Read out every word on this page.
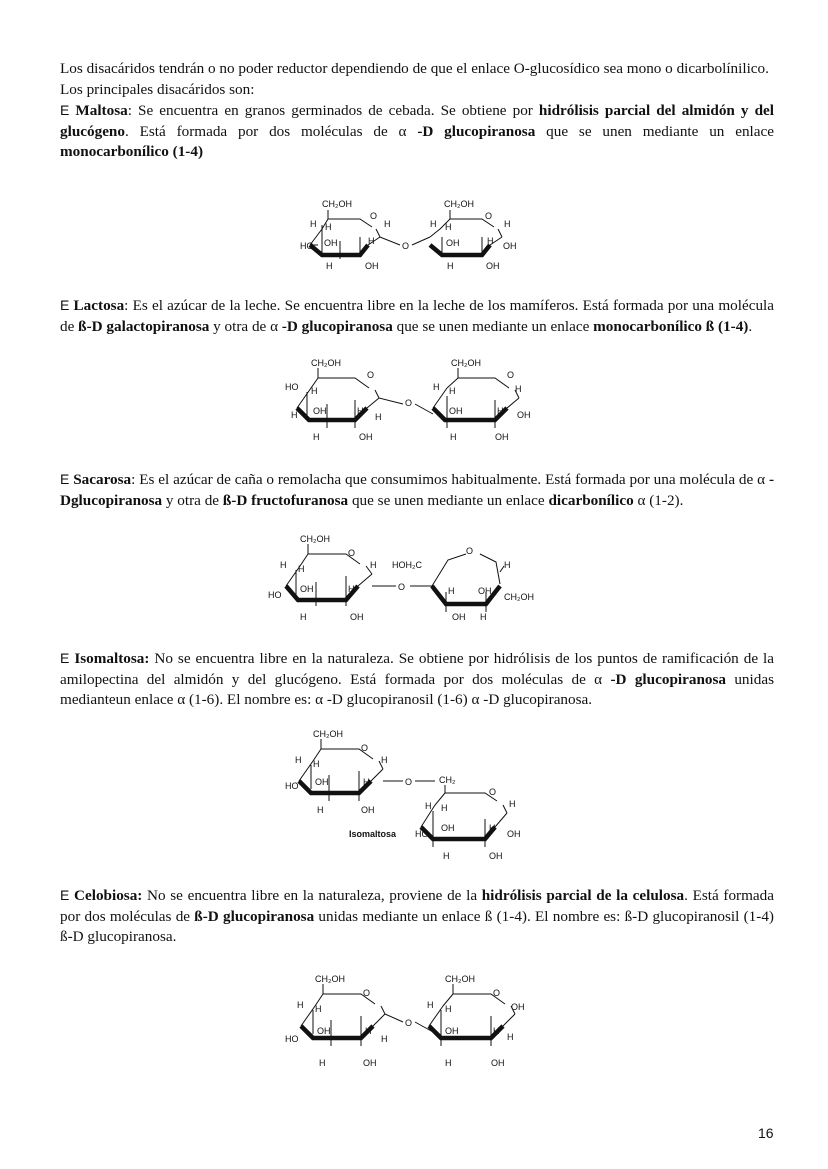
Los disacáridos tendrán o no poder reductor dependiendo de que el enlace O-glucosídico sea mono o dicarbolínilico.
Los principales disacáridos son:
E Maltosa: Se encuentra en granos germinados de cebada. Se obtiene por hidrólisis parcial del almidón y del glucógeno. Está formada por dos moléculas de α -D glucopiranosa que se unen mediante un enlace monocarbonílico (1-4)

CH₂OH
O
H H	H
HO OH	H
H	OH
O
CH₂OH
O
H H	H
OH	H OH
H	OH

E Lactosa: Es el azúcar de la leche. Se encuentra libre en la leche de los mamíferos. Está formada por una molécula de ß-D galactopiranosa y otra de α -D glucopiranosa que se unen mediante un enlace monocarbonílico ß (1-4).

CH₂OH
O
HO H
H OH	H
H
H	OH
O
CH₂OH
O
H H	H
OH	H OH
H	OH

E Sacarosa: Es el azúcar de caña o remolacha que consumimos habitualmente. Está formada por una molécula de α -Dglucopiranosa y otra de ß-D fructofuranosa que se unen mediante un enlace dicarbonílico α (1-2).

CH₂OH
O
H H	H
HO
OH	H
H	OH
O
HOH₂C
O
H
H	OH
CH₂OH
OH H

E Isomaltosa: No se encuentra libre en la naturaleza. Se obtiene por hidrólisis de los puntos de ramificación de la amilopectina del almidón y del glucógeno. Está formada por dos moléculas de α -D glucopiranosa unidas medianteun enlace α (1-6). El nombre es: α -D glucopiranosil (1-6) α -D glucopiranosa.

CH₂OH
O
H H	H
HO OH	H
H	OH
O	CH₂
O
H H	H
HO
OH	H
OH
H	OH
Isomaltosa

E Celobiosa: No se encuentra libre en la naturaleza, proviene de la hidrólisis parcial de la celulosa. Está formada por dos moléculas de ß-D glucopiranosa unidas mediante un enlace ß (1-4). El nombre es: ß-D glucopiranosil (1-4) ß-D glucopiranosa.

CH₂OH
O
H H
HO
OH	H
H
H	OH
O
CH₂OH
O
H H	OH
OH	H
H
H	OH
16
